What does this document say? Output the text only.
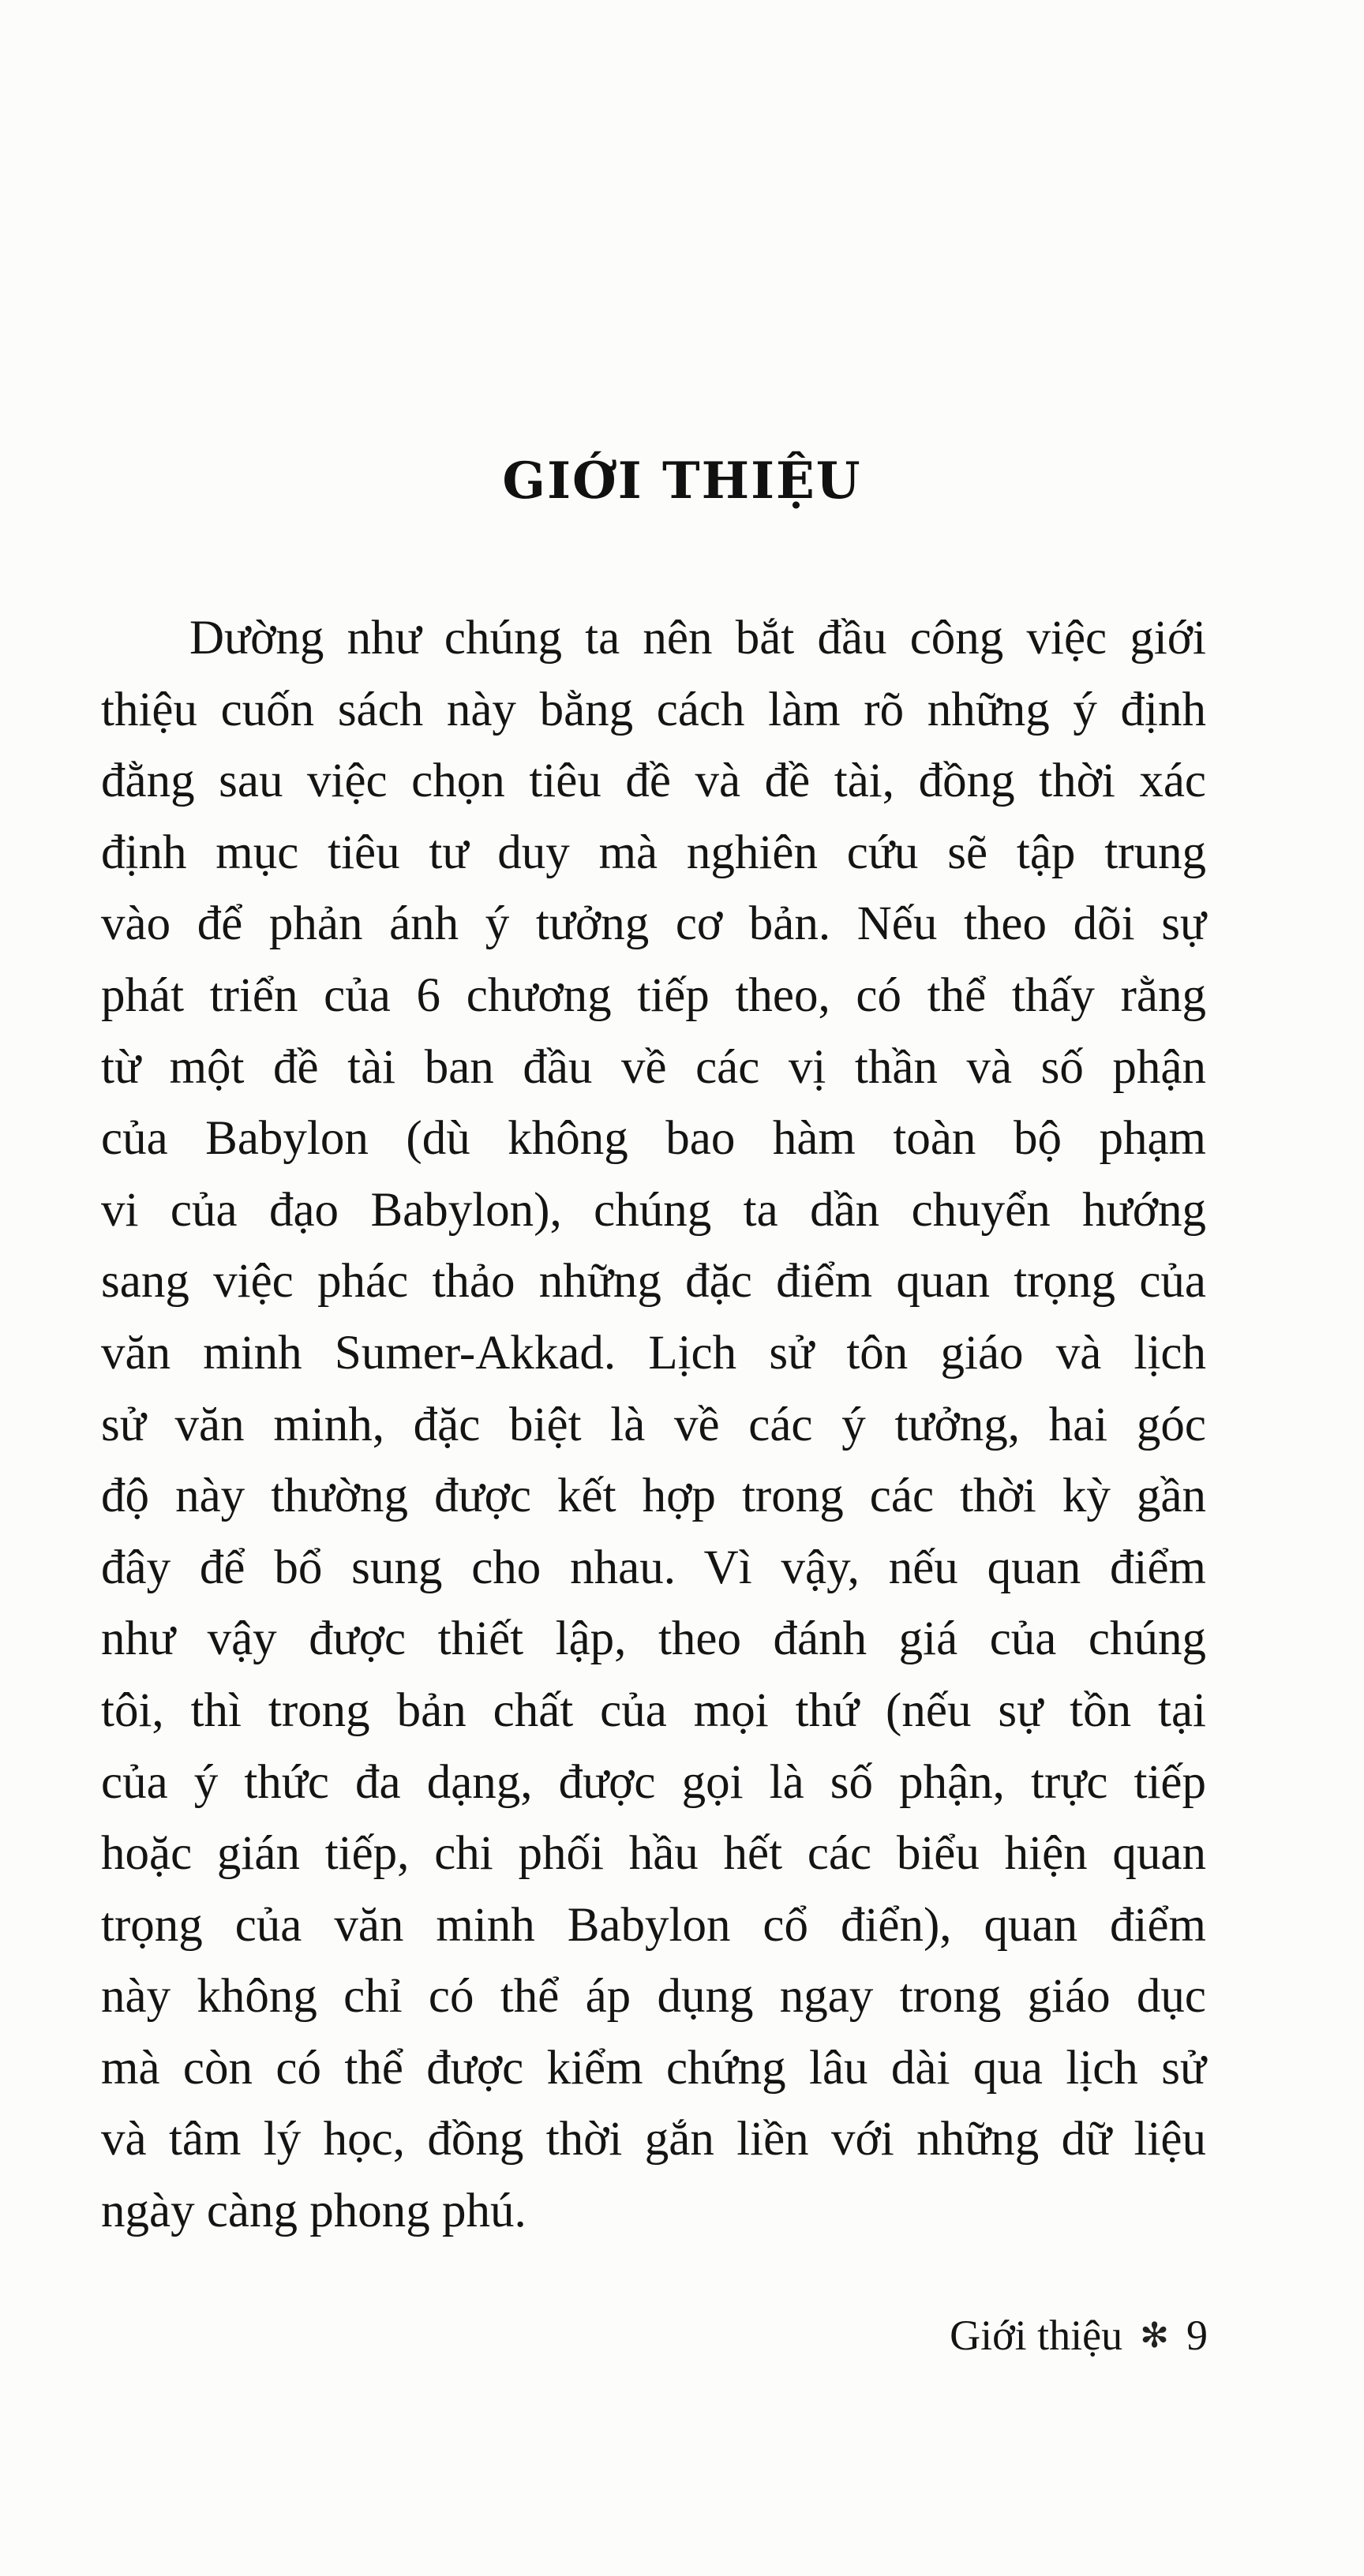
GIỚI THIỆU
Dường như chúng ta nên bắt đầu công việc giới
thiệu cuốn sách này bằng cách làm rõ những ý định
đằng sau việc chọn tiêu đề và đề tài, đồng thời xác
định mục tiêu tư duy mà nghiên cứu sẽ tập trung
vào để phản ánh ý tưởng cơ bản. Nếu theo dõi sự
phát triển của 6 chương tiếp theo, có thể thấy rằng
từ một đề tài ban đầu về các vị thần và số phận
của Babylon (dù không bao hàm toàn bộ phạm
vi của đạo Babylon), chúng ta dần chuyển hướng
sang việc phác thảo những đặc điểm quan trọng của
văn minh Sumer-Akkad. Lịch sử tôn giáo và lịch
sử văn minh, đặc biệt là về các ý tưởng, hai góc
độ này thường được kết hợp trong các thời kỳ gần
đây để bổ sung cho nhau. Vì vậy, nếu quan điểm
như vậy được thiết lập, theo đánh giá của chúng
tôi, thì trong bản chất của mọi thứ (nếu sự tồn tại
của ý thức đa dạng, được gọi là số phận, trực tiếp
hoặc gián tiếp, chi phối hầu hết các biểu hiện quan
trọng của văn minh Babylon cổ điển), quan điểm
này không chỉ có thể áp dụng ngay trong giáo dục
mà còn có thể được kiểm chứng lâu dài qua lịch sử
và tâm lý học, đồng thời gắn liền với những dữ liệu
ngày càng phong phú.
Giới thiệu ✻ 9
